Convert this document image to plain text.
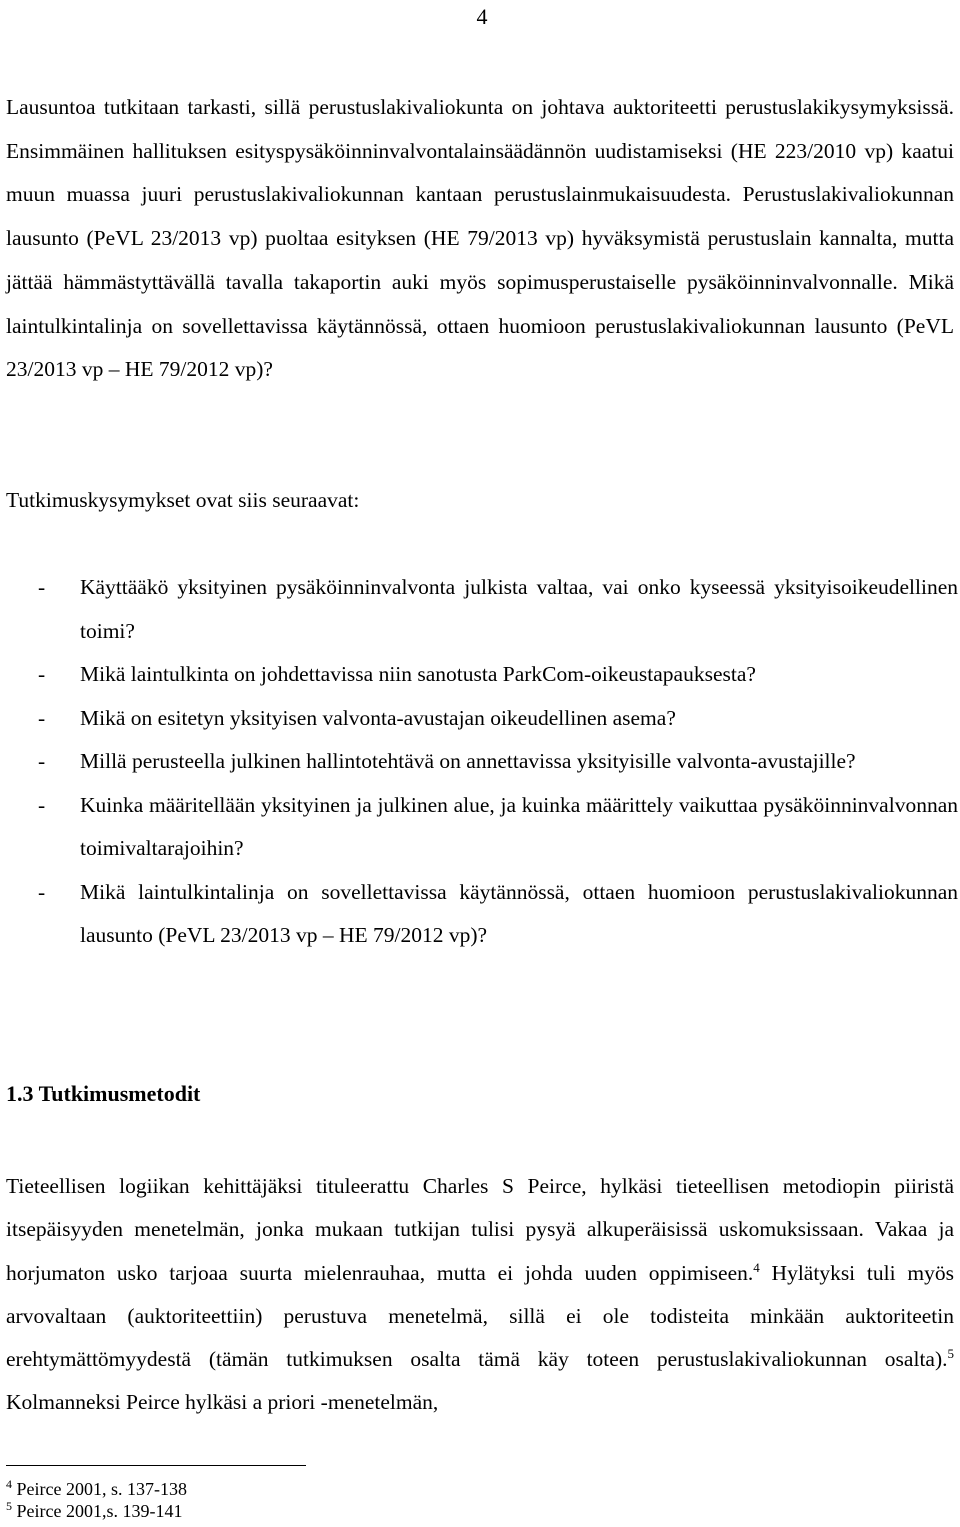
4

Lausuntoa tutkitaan tarkasti, sillä perustuslakivaliokunta on johtava auktoriteetti perustuslakikysymyksissä. Ensimmäinen hallituksen esityspysäköinninvalvontalainsäädännön uudistamiseksi (HE 223/2010 vp) kaatui muun muassa juuri perustuslakivaliokunnan kantaan perustuslainmukaisuudesta. Perustuslakivaliokunnan lausunto (PeVL 23/2013 vp) puoltaa esityksen (HE 79/2013 vp) hyväksymistä perustuslain kannalta, mutta jättää hämmästyttävällä tavalla takaportin auki myös sopimusperustaiselle pysäköinninvalvonnalle. Mikä laintulkintalinja on sovellettavissa käytännössä, ottaen huomioon perustuslakivaliokunnan lausunto (PeVL 23/2013 vp – HE 79/2012 vp)?

Tutkimuskysymykset ovat siis seuraavat:

- Käyttääkö yksityinen pysäköinninvalvonta julkista valtaa, vai onko kyseessä yksityisoikeudellinen toimi?
- Mikä laintulkinta on johdettavissa niin sanotusta ParkCom-oikeustapauksesta?
- Mikä on esitetyn yksityisen valvonta-avustajan oikeudellinen asema?
- Millä perusteella julkinen hallintotehtävä on annettavissa yksityisille valvonta-avustajille?
- Kuinka määritellään yksityinen ja julkinen alue, ja kuinka määrittely vaikuttaa pysäköinninvalvonnan toimivaltarajoihin?
- Mikä laintulkintalinja on sovellettavissa käytännössä, ottaen huomioon perustuslakivaliokunnan lausunto (PeVL 23/2013 vp – HE 79/2012 vp)?
1.3 Tutkimusmetodit

Tieteellisen logiikan kehittäjäksi tituleerattu Charles S Peirce, hylkäsi tieteellisen metodiopin piiristä itsepäisyyden menetelmän, jonka mukaan tutkijan tulisi pysyä alkuperäisissä uskomuksissaan. Vakaa ja horjumaton usko tarjoaa suurta mielenrauhaa, mutta ei johda uuden oppimiseen.$^4$ Hylätyksi tuli myös arvovaltaan (auktoriteettiin) perustuva menetelmä, sillä ei ole todisteita minkään auktoriteetin erehtymättömyydestä (tämän tutkimuksen osalta tämä käy toteen perustuslakivaliokunnan osalta).$^5$ Kolmanneksi Peirce hylkäsi a priori -menetelmän,

$^4$ Peirce 2001, s. 137-138
$^5$ Peirce 2001,s. 139-141
